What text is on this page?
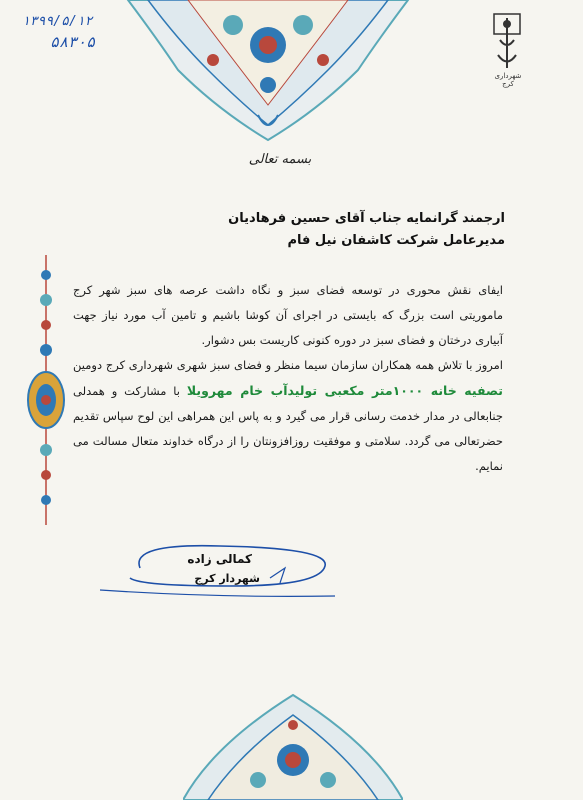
شهرداری کرج
۱۳۹۹/۵/۱۲
۵۸۳۰۵
بسمه تعالی
ارجمند گرانمایه جناب آقای حسین فرهادیان
مدیرعامل شرکت کاشفان نیل فام

ایفای نقش محوری در توسعه فضای سبز و نگاه داشت عرصه های سبز شهر کرج ماموریتی است بزرگ که بایستی در اجرای آن کوشا باشیم و تامین آب مورد نیاز جهت آبیاری درختان و فضای سبز در دوره کنونی کاریست بس دشوار.

امروز با تلاش همه همکاران سازمان سیما منظر و فضای سبز شهری شهرداری کرج دومین تصفیه خانه ۱۰۰۰متر مکعبی تولیدآب خام مهرویلا با مشارکت و همدلی جنابعالی در مدار خدمت رسانی قرار می گیرد و به پاس این همراهی این لوح سپاس تقدیم حضرتعالی می گردد. سلامتی و موفقیت روزافزونتان را از درگاه خداوند متعال مسالت می نمایم.

کمالی زاده
شهردار کرج
